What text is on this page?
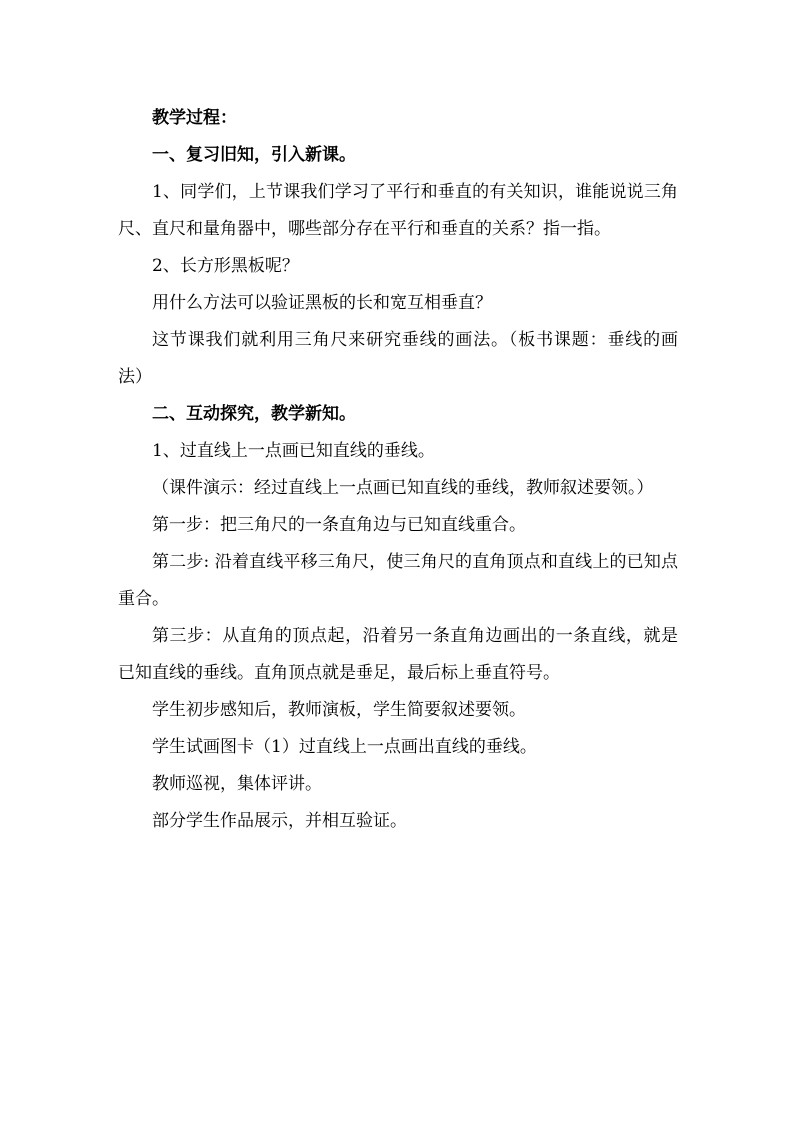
教学过程：

一、复习旧知，引入新课。

1、同学们，上节课我们学习了平行和垂直的有关知识，谁能说说三角尺、直尺和量角器中，哪些部分存在平行和垂直的关系？指一指。

2、长方形黑板呢？

用什么方法可以验证黑板的长和宽互相垂直？

这节课我们就利用三角尺来研究垂线的画法。（板书课题：垂线的画法）

二、互动探究，教学新知。

1、过直线上一点画已知直线的垂线。

（课件演示：经过直线上一点画已知直线的垂线，教师叙述要领。）

第一步：把三角尺的一条直角边与已知直线重合。

第二步: 沿着直线平移三角尺，使三角尺的直角顶点和直线上的已知点重合。

第三步：从直角的顶点起，沿着另一条直角边画出的一条直线，就是已知直线的垂线。直角顶点就是垂足，最后标上垂直符号。

学生初步感知后，教师演板，学生简要叙述要领。

学生试画图卡（1）过直线上一点画出直线的垂线。

教师巡视，集体评讲。

部分学生作品展示，并相互验证。
